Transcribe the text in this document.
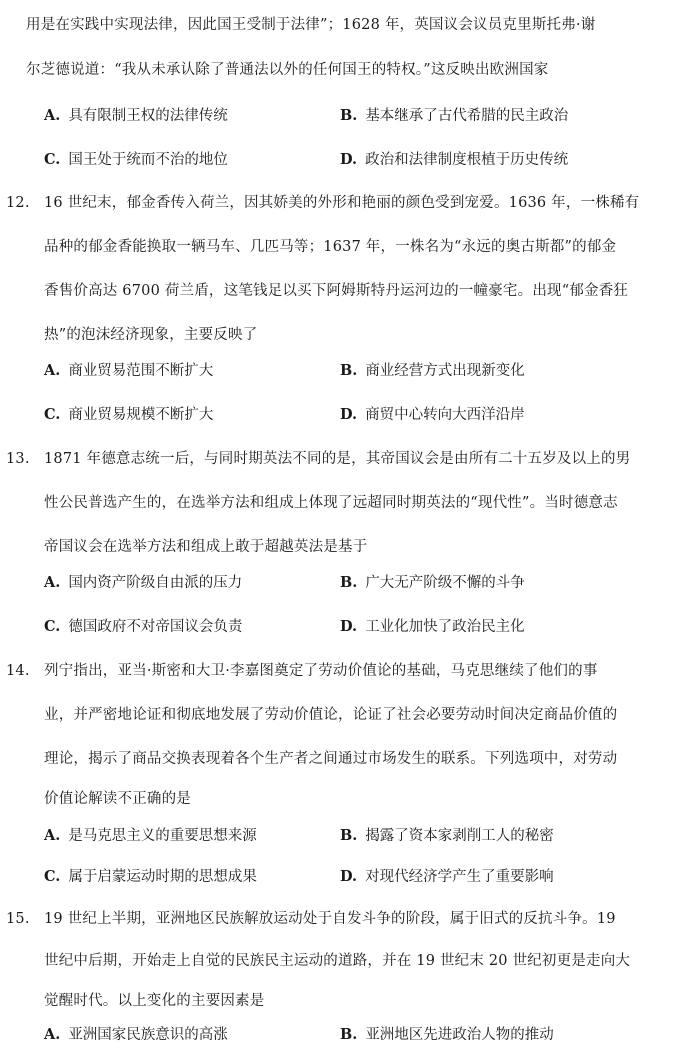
用是在实践中实现法律，因此国王受制于法律”；1628 年，英国议会议员克里斯托弗·谢
尔芝德说道：“我从未承认除了普通法以外的任何国王的特权。”这反映出欧洲国家
A. 具有限制王权的法律传统	B. 基本继承了古代希腊的民主政治
C. 国王处于统而不治的地位	D. 政治和法律制度根植于历史传统
12. 16 世纪末，郁金香传入荷兰，因其娇美的外形和艳丽的颜色受到宠爱。1636 年，一株稀有
品种的郁金香能换取一辆马车、几匹马等；1637 年，一株名为“永远的奥古斯都”的郁金
香售价高达 6700 荷兰盾，这笔钱足以买下阿姆斯特丹运河边的一幢豪宅。出现“郁金香狂
热”的泡沫经济现象，主要反映了
A. 商业贸易范围不断扩大	B. 商业经营方式出现新变化
C. 商业贸易规模不断扩大	D. 商贸中心转向大西洋沿岸
13. 1871 年德意志统一后，与同时期英法不同的是，其帝国议会是由所有二十五岁及以上的男
性公民普选产生的，在选举方法和组成上体现了远超同时期英法的“现代性”。当时德意志
帝国议会在选举方法和组成上敢于超越英法是基于
A. 国内资产阶级自由派的压力	B. 广大无产阶级不懈的斗争
C. 德国政府不对帝国议会负责	D. 工业化加快了政治民主化
14. 列宁指出，亚当·斯密和大卫·李嘉图奠定了劳动价值论的基础，马克思继续了他们的事
业，并严密地论证和彻底地发展了劳动价值论，论证了社会必要劳动时间决定商品价值的
理论，揭示了商品交换表现着各个生产者之间通过市场发生的联系。下列选项中，对劳动
价值论解读不正确的是
A. 是马克思主义的重要思想来源	B. 揭露了资本家剥削工人的秘密
C. 属于启蒙运动时期的思想成果	D. 对现代经济学产生了重要影响
15. 19 世纪上半期，亚洲地区民族解放运动处于自发斗争的阶段，属于旧式的反抗斗争。19
世纪中后期，开始走上自觉的民族民主运动的道路，并在 19 世纪末 20 世纪初更是走向大
觉醒时代。以上变化的主要因素是
A. 亚洲国家民族意识的高涨	B. 亚洲地区先进政治人物的推动
